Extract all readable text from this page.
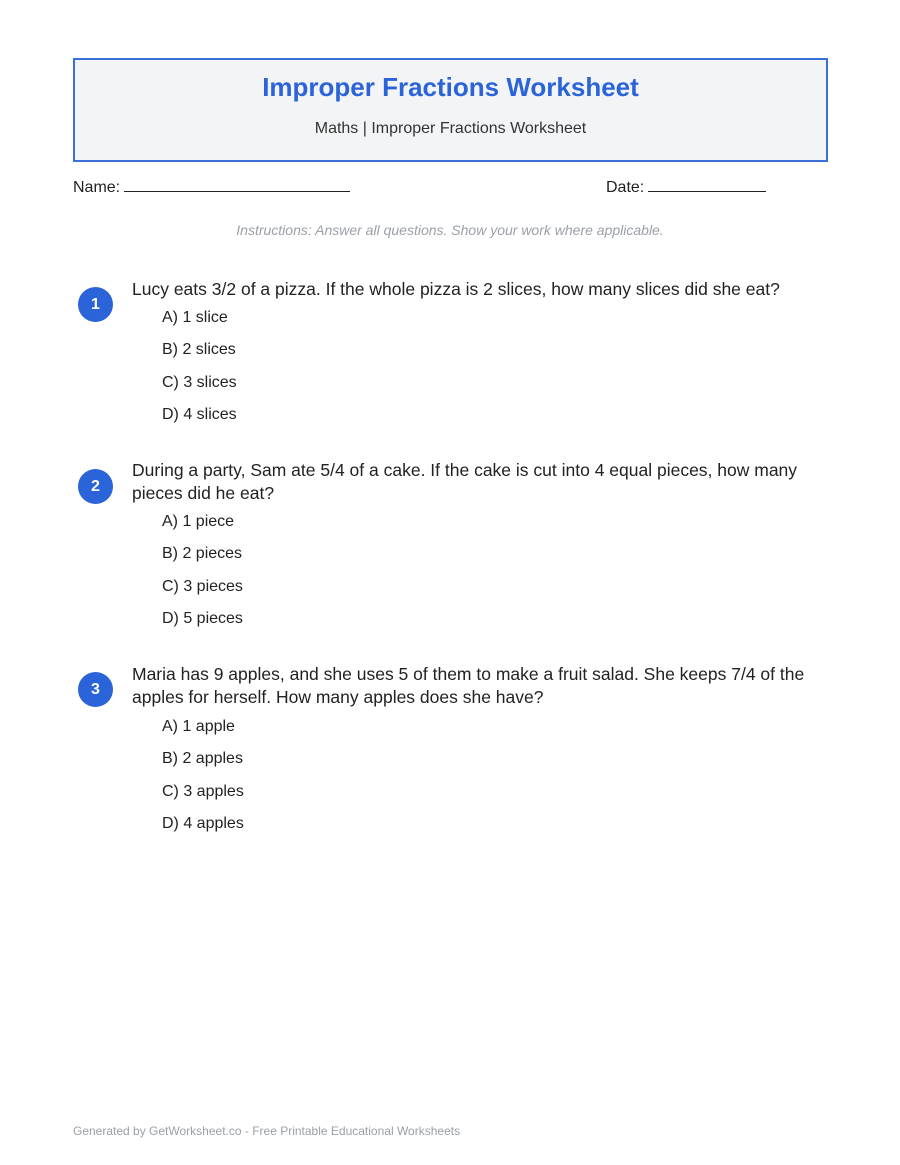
Improper Fractions Worksheet
Maths | Improper Fractions Worksheet
Name:	Date:
Instructions: Answer all questions. Show your work where applicable.
1
Lucy eats 3/2 of a pizza. If the whole pizza is 2 slices, how many slices did she eat?
A) 1 slice
B) 2 slices
C) 3 slices
D) 4 slices
2
During a party, Sam ate 5/4 of a cake. If the cake is cut into 4 equal pieces, how many pieces did he eat?
A) 1 piece
B) 2 pieces
C) 3 pieces
D) 5 pieces
3
Maria has 9 apples, and she uses 5 of them to make a fruit salad. She keeps 7/4 of the apples for herself. How many apples does she have?
A) 1 apple
B) 2 apples
C) 3 apples
D) 4 apples
Generated by GetWorksheet.co - Free Printable Educational Worksheets
